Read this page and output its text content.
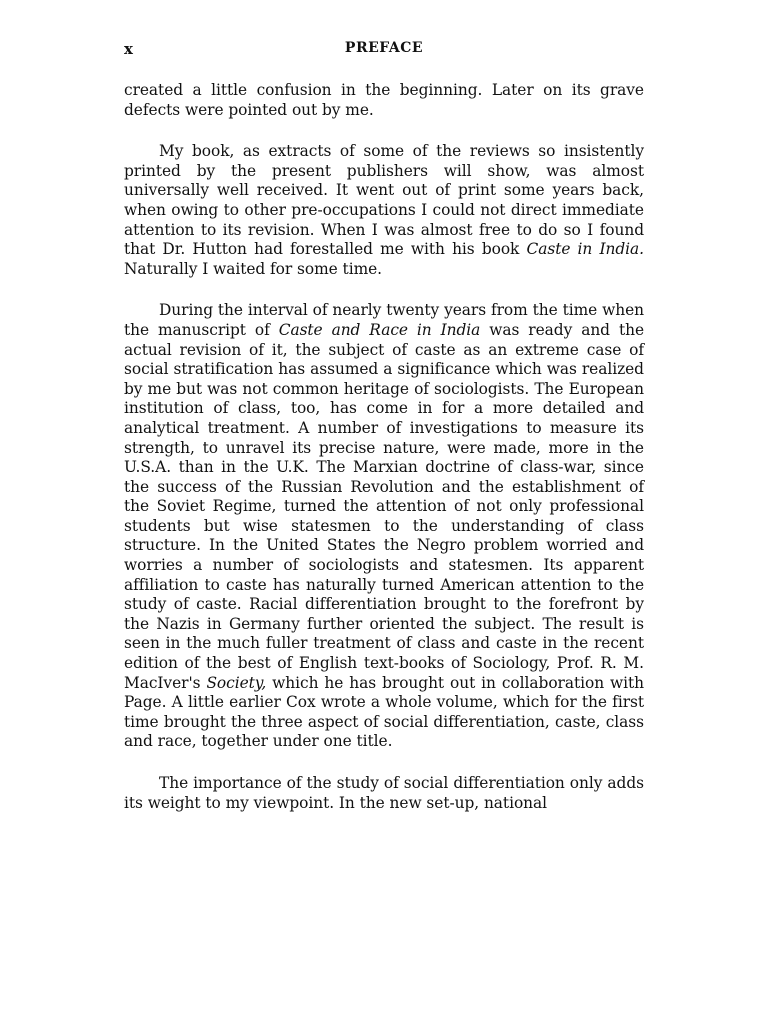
x	PREFACE

created a little confusion in the beginning. Later on its grave defects were pointed out by me.

My book, as extracts of some of the reviews so insistently printed by the present publishers will show, was almost universally well received. It went out of print some years back, when owing to other pre-occupations I could not direct immediate attention to its revision. When I was almost free to do so I found that Dr. Hutton had forestalled me with his book Caste in India. Naturally I waited for some time.

During the interval of nearly twenty years from the time when the manuscript of Caste and Race in India was ready and the actual revision of it, the subject of caste as an extreme case of social stratification has assumed a significance which was realized by me but was not common heritage of sociologists. The European institution of class, too, has come in for a more detailed and analytical treatment. A number of investigations to measure its strength, to unravel its precise nature, were made, more in the U.S.A. than in the U.K. The Marxian doctrine of class-war, since the success of the Russian Revolution and the establishment of the Soviet Regime, turned the attention of not only professional students but wise statesmen to the understanding of class structure. In the United States the Negro problem worried and worries a number of sociologists and statesmen. Its apparent affiliation to caste has naturally turned American attention to the study of caste. Racial differentiation brought to the forefront by the Nazis in Germany further oriented the subject. The result is seen in the much fuller treatment of class and caste in the recent edition of the best of English text-books of Sociology, Prof. R. M. MacIver's Society, which he has brought out in collaboration with Page. A little earlier Cox wrote a whole volume, which for the first time brought the three aspect of social differentiation, caste, class and race, together under one title.

The importance of the study of social differentiation only adds its weight to my viewpoint. In the new set-up, national
